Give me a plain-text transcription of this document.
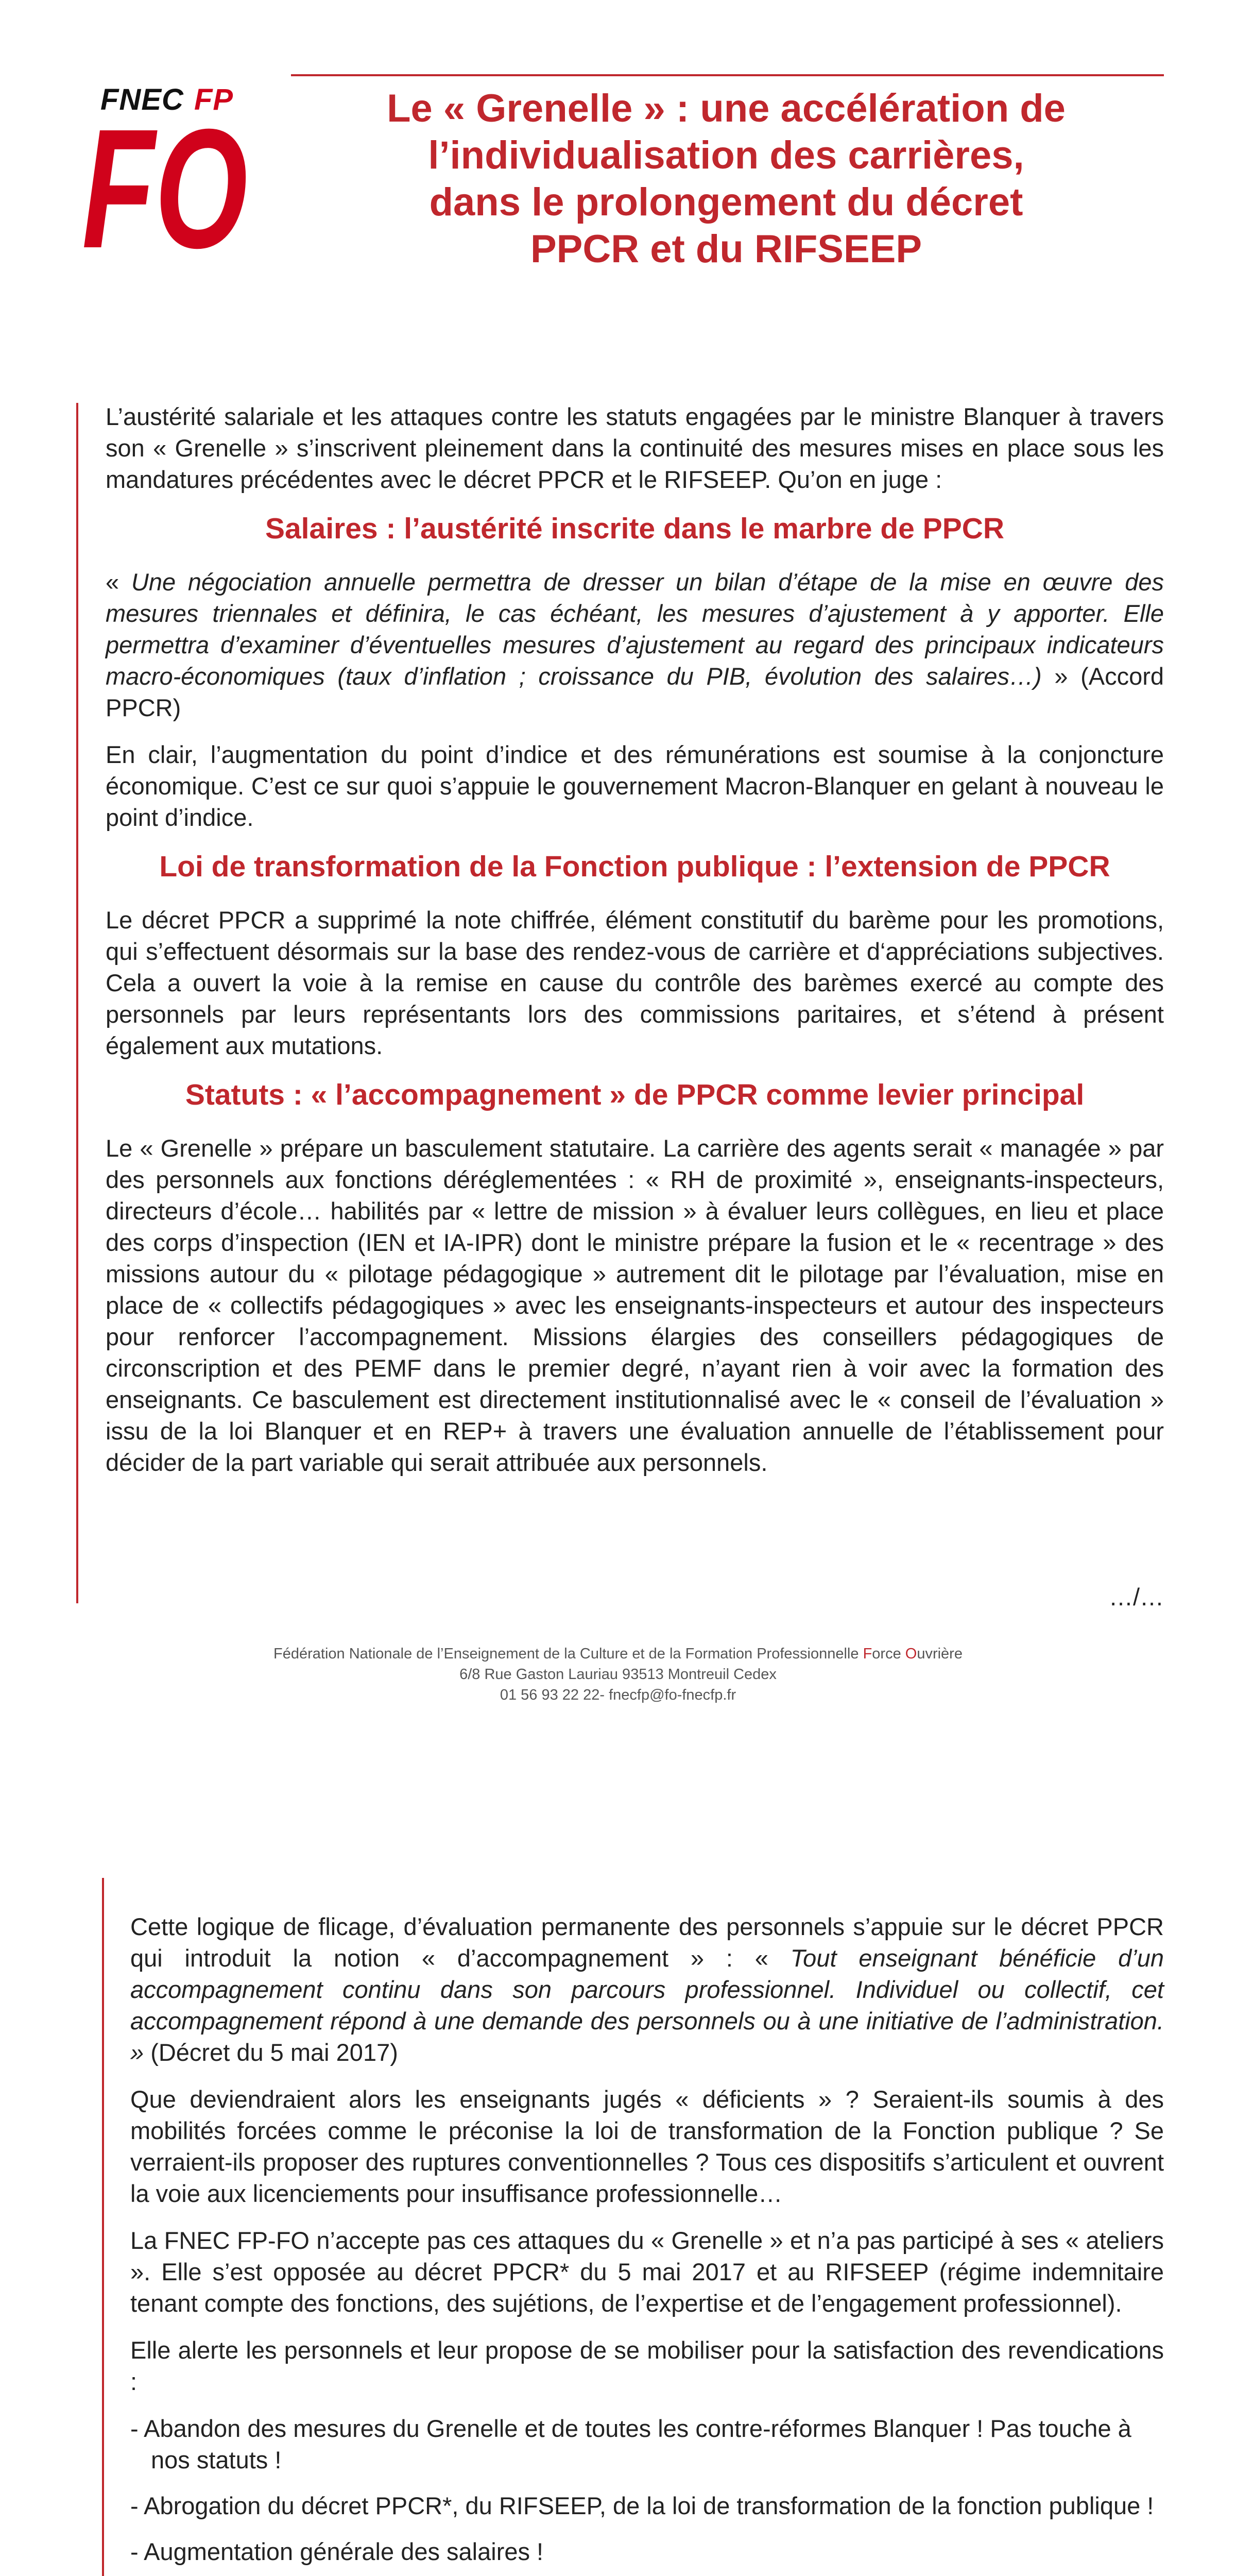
FNEC FP
FO	Le « Grenelle » : une accélération de
l’individualisation des carrières,
dans le prolongement du décret
PPCR et du RIFSEEP

L’austérité salariale et les attaques contre les statuts engagées par le ministre Blanquer à travers son « Grenelle » s’inscrivent pleinement dans la continuité des mesures mises en place sous les mandatures précédentes avec le décret PPCR et le RIFSEEP. Qu’on en juge :

Salaires : l’austérité inscrite dans le marbre de PPCR

« Une négociation annuelle permettra de dresser un bilan d’étape de la mise en œuvre des mesures triennales et définira, le cas échéant, les mesures d’ajustement à y apporter. Elle permettra d’examiner d’éventuelles mesures d’ajustement au regard des principaux indicateurs macro-économiques (taux d’inflation ; croissance du PIB, évolution des salaires…) » (Accord PPCR)

En clair, l’augmentation du point d’indice et des rémunérations est soumise à la conjoncture économique. C’est ce sur quoi s’appuie le gouvernement Macron-Blanquer en gelant à nouveau le point d’indice.

Loi de transformation de la Fonction publique : l’extension de PPCR

Le décret PPCR a supprimé la note chiffrée, élément constitutif du barème pour les promotions, qui s’effectuent désormais sur la base des rendez-vous de carrière et d‘appréciations subjectives. Cela a ouvert la voie à la remise en cause du contrôle des barèmes exercé au compte des personnels par leurs représentants lors des commissions paritaires, et s’étend à présent également aux mutations.

Statuts : « l’accompagnement » de PPCR comme levier principal

Le « Grenelle » prépare un basculement statutaire. La carrière des agents serait « managée » par des personnels aux fonctions déréglementées : « RH de proximité », enseignants-inspecteurs, directeurs d’école… habilités par « lettre de mission » à évaluer leurs collègues, en lieu et place des corps d’inspection (IEN et IA-IPR) dont le ministre prépare la fusion et le « recentrage » des missions autour du « pilotage pédagogique » autrement dit le pilotage par l’évaluation, mise en place de « collectifs pédagogiques » avec les enseignants-inspecteurs et autour des inspecteurs pour renforcer l’accompagnement. Missions élargies des conseillers pédagogiques de circonscription et des PEMF dans le premier degré, n’ayant rien à voir avec la formation des enseignants. Ce basculement est directement institutionnalisé avec le « conseil de l’évaluation » issu de la loi Blanquer et en REP+ à travers une évaluation annuelle de l’établissement pour décider de la part variable qui serait attribuée aux personnels.

…/…
Fédération Nationale de l’Enseignement de la Culture et de la Formation Professionnelle Force Ouvrière
6/8 Rue Gaston Lauriau 93513 Montreuil Cedex
01 56 93 22 22- fnecfp@fo-fnecfp.fr

Cette logique de flicage, d’évaluation permanente des personnels s’appuie sur le décret PPCR qui introduit la notion « d’accompagnement » : « Tout enseignant bénéficie d’un accompagnement continu dans son parcours professionnel. Individuel ou collectif, cet accompagnement répond à une demande des personnels ou à une initiative de l’administration. » (Décret du 5 mai 2017)

Que deviendraient alors les enseignants jugés « déficients » ? Seraient-ils soumis à des mobilités forcées comme le préconise la loi de transformation de la Fonction publique ? Se verraient-ils proposer des ruptures conventionnelles ? Tous ces dispositifs s’articulent et ouvrent la voie aux licenciements pour insuffisance professionnelle…

La FNEC FP-FO n’accepte pas ces attaques du « Grenelle » et n’a pas participé à ses « ateliers ». Elle s’est opposée au décret PPCR* du 5 mai 2017 et au RIFSEEP (régime indemnitaire tenant compte des fonctions, des sujétions, de l’expertise et de l’engagement professionnel).

Elle alerte les personnels et leur propose de se mobiliser pour la satisfaction des revendications :

- Abandon des mesures du Grenelle et de toutes les contre-réformes Blanquer ! Pas touche à nos statuts !
- Abrogation du décret PPCR*, du RIFSEEP, de la loi de transformation de la fonction publique !
- Augmentation générale des salaires !
